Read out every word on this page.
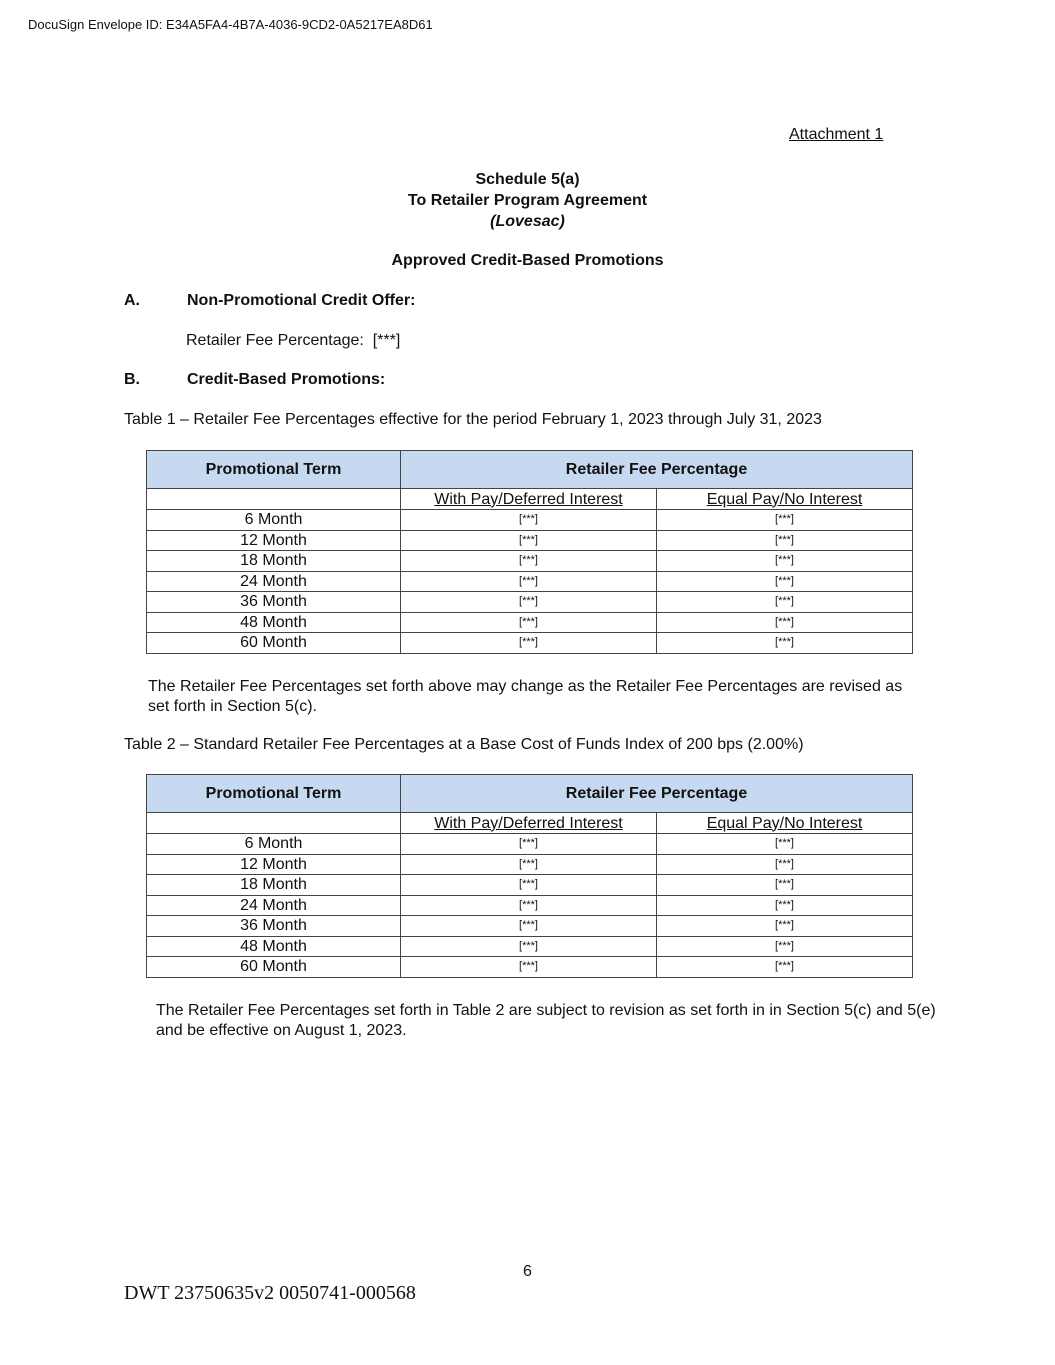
DocuSign Envelope ID: E34A5FA4-4B7A-4036-9CD2-0A5217EA8D61
Attachment 1
Schedule 5(a)
To Retailer Program Agreement
(Lovesac)
Approved Credit-Based Promotions
A.	Non-Promotional Credit Offer:
Retailer Fee Percentage:  [***]
B.	Credit-Based Promotions:
Table 1 – Retailer Fee Percentages effective for the period February 1, 2023 through July 31, 2023
Promotional Term	Retailer Fee Percentage	
	With Pay/Deferred Interest	Equal Pay/No Interest
6 Month	[***]	[***]
12 Month	[***]	[***]
18 Month	[***]	[***]
24 Month	[***]	[***]
36 Month	[***]	[***]
48 Month	[***]	[***]
60 Month	[***]	[***]
The Retailer Fee Percentages set forth above may change as the Retailer Fee Percentages are revised as set forth in Section 5(c).
Table 2 – Standard Retailer Fee Percentages at a Base Cost of Funds Index of 200 bps (2.00%)
Promotional Term	Retailer Fee Percentage	
	With Pay/Deferred Interest	Equal Pay/No Interest
6 Month	[***]	[***]
12 Month	[***]	[***]
18 Month	[***]	[***]
24 Month	[***]	[***]
36 Month	[***]	[***]
48 Month	[***]	[***]
60 Month	[***]	[***]
The Retailer Fee Percentages set forth in Table 2 are subject to revision as set forth in in Section 5(c) and 5(e) and be effective on August 1, 2023.
6
DWT 23750635v2 0050741-000568
